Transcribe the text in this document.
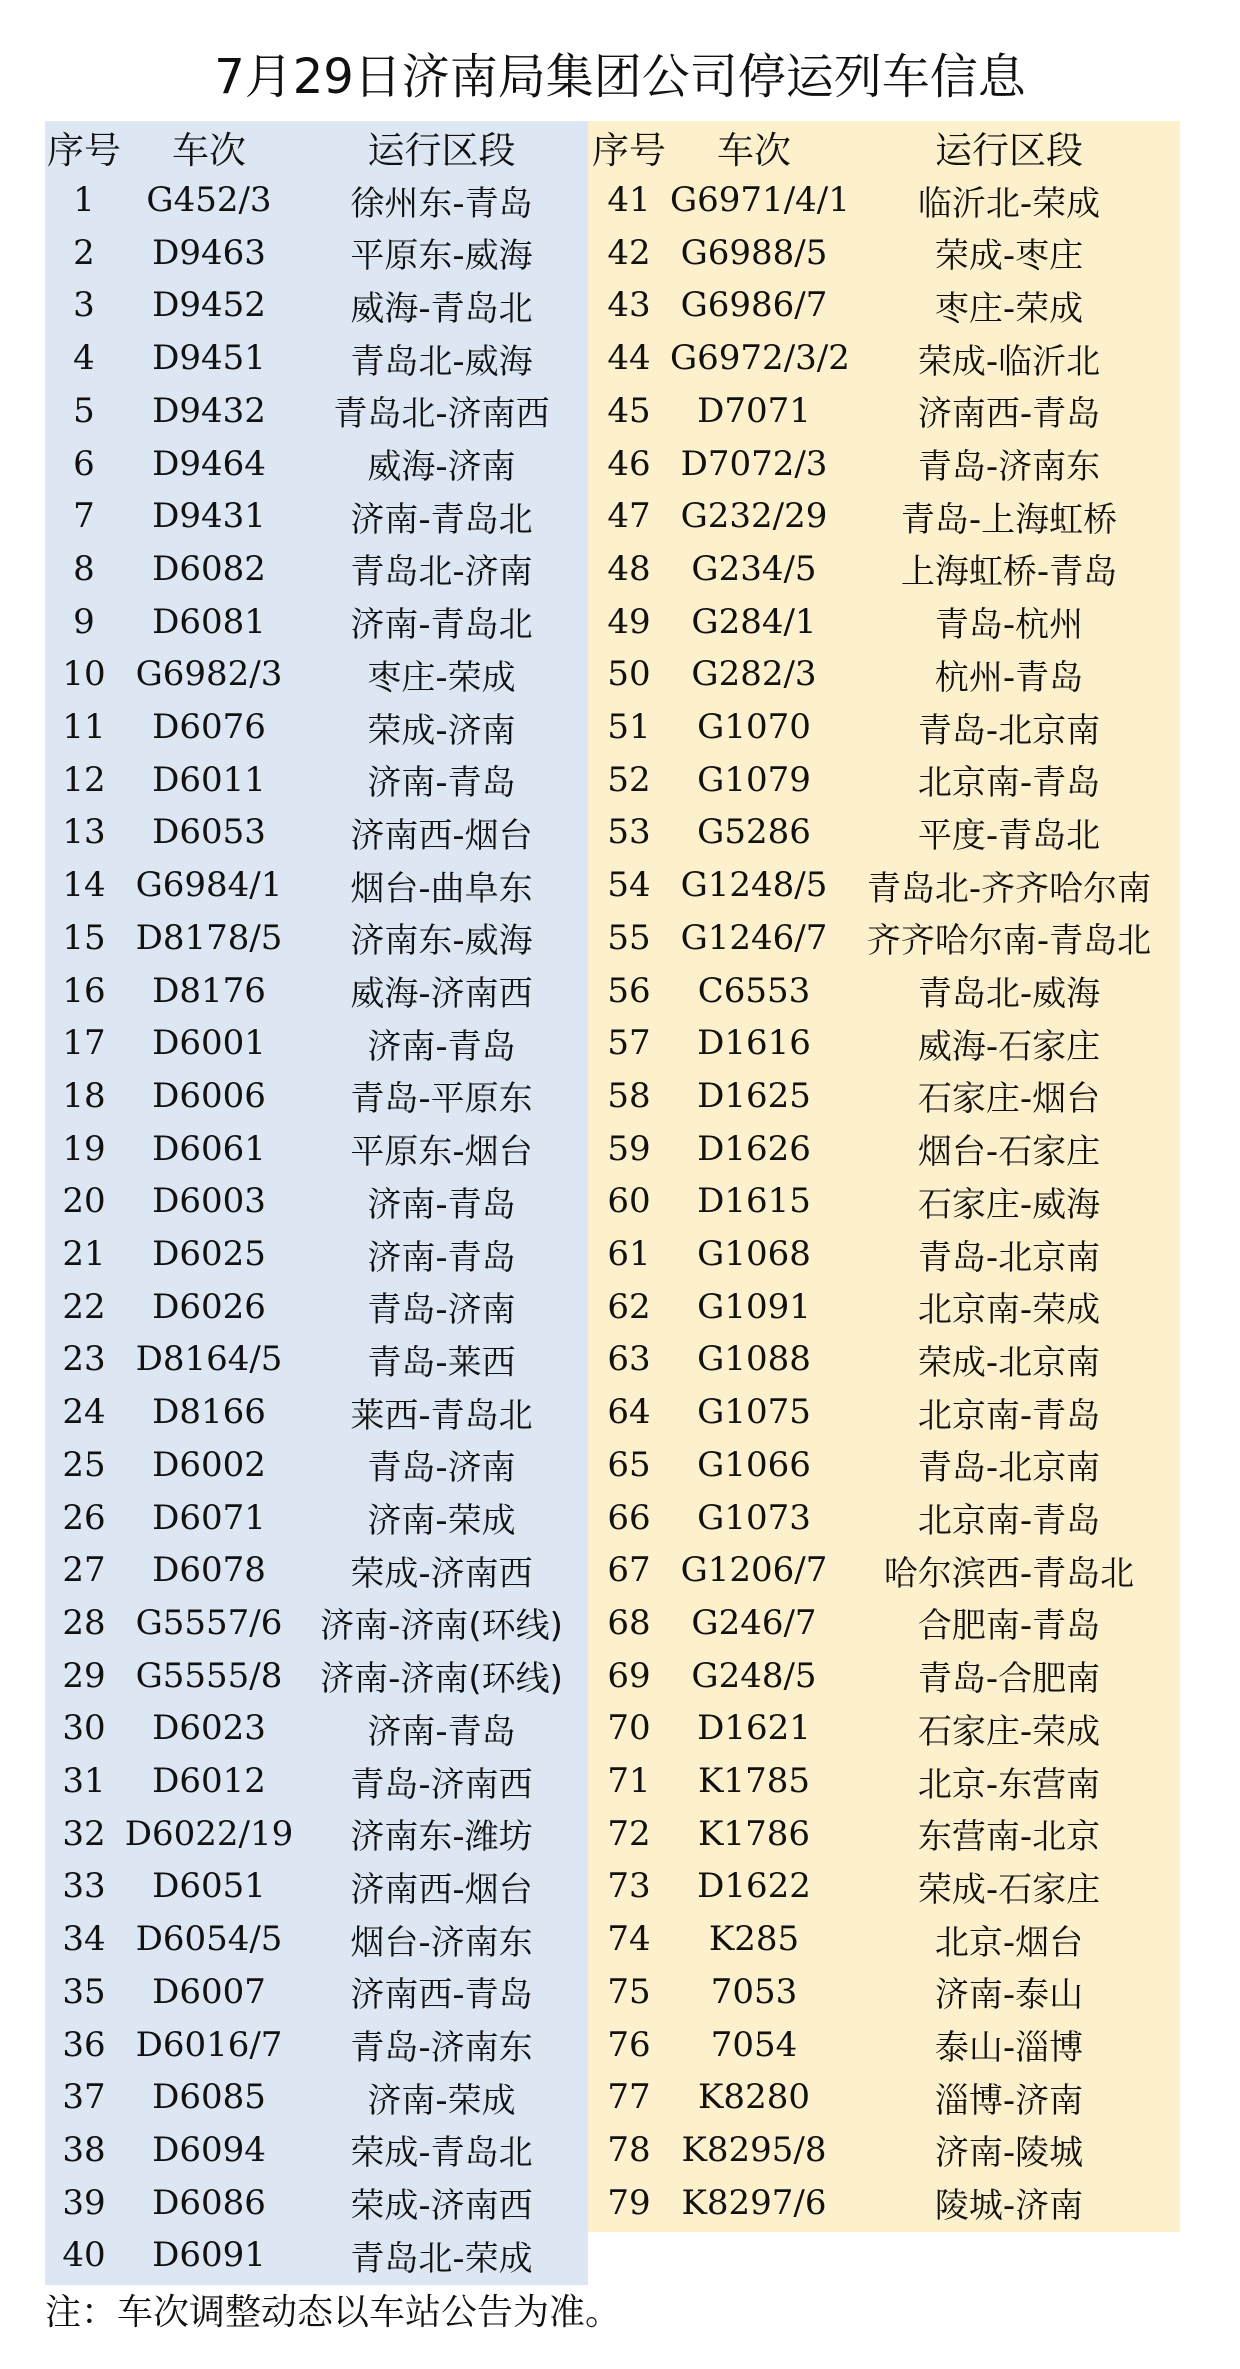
7月29日济南局集团公司停运列车信息
序号	车次	运行区段
1	G452/3	徐州东-青岛
2	D9463	平原东-威海
3	D9452	威海-青岛北
4	D9451	青岛北-威海
5	D9432	青岛北-济南西
6	D9464	威海-济南
7	D9431	济南-青岛北
8	D6082	青岛北-济南
9	D6081	济南-青岛北
10 G6982/3	枣庄-荣成
11	D6076	荣成-济南
12	D6011	济南-青岛
13	D6053	济南西-烟台
14 G6984/1	烟台-曲阜东
15 D8178/5	济南东-威海
16	D8176	威海-济南西
17	D6001	济南-青岛
18	D6006	青岛-平原东
19	D6061	平原东-烟台
20	D6003	济南-青岛
21	D6025	济南-青岛
22	D6026	青岛-济南
23 D8164/5	青岛-莱西
24	D8166	莱西-青岛北
25	D6002	青岛-济南
26	D6071	济南-荣成
27	D6078	荣成-济南西
28 G5557/6	济南-济南(环线)
29 G5555/8	济南-济南(环线)
30	D6023	济南-青岛
31	D6012	青岛-济南西
32 D6022/19	济南东-潍坊
33	D6051	济南西-烟台
34 D6054/5	烟台-济南东
35	D6007	济南西-青岛
36 D6016/7	青岛-济南东
37	D6085	济南-荣成
38	D6094	荣成-青岛北
39	D6086	荣成-济南西
40	D6091	青岛北-荣成
序号	车次	运行区段
41 G6971/4/1	临沂北-荣成
42 G6988/5	荣成-枣庄
43 G6986/7	枣庄-荣成
44 G6972/3/2	荣成-临沂北
45	D7071	济南西-青岛
46 D7072/3	青岛-济南东
47 G232/29	青岛-上海虹桥
48	G234/5	上海虹桥-青岛
49	G284/1	青岛-杭州
50	G282/3	杭州-青岛
51	G1070	青岛-北京南
52	G1079	北京南-青岛
53	G5286	平度-青岛北
54 G1248/5	青岛北-齐齐哈尔南
55 G1246/7	齐齐哈尔南-青岛北
56	C6553	青岛北-威海
57	D1616	威海-石家庄
58	D1625	石家庄-烟台
59	D1626	烟台-石家庄
60	D1615	石家庄-威海
61	G1068	青岛-北京南
62	G1091	北京南-荣成
63	G1088	荣成-北京南
64	G1075	北京南-青岛
65	G1066	青岛-北京南
66	G1073	北京南-青岛
67 G1206/7	哈尔滨西-青岛北
68	G246/7	合肥南-青岛
69	G248/5	青岛-合肥南
70	D1621	石家庄-荣成
71	K1785	北京-东营南
72	K1786	东营南-北京
73	D1622	荣成-石家庄
74	K285	北京-烟台
75	7053	济南-泰山
76	7054	泰山-淄博
77	K8280	淄博-济南
78 K8295/8	济南-陵城
79 K8297/6	陵城-济南
注：车次调整动态以车站公告为准。
